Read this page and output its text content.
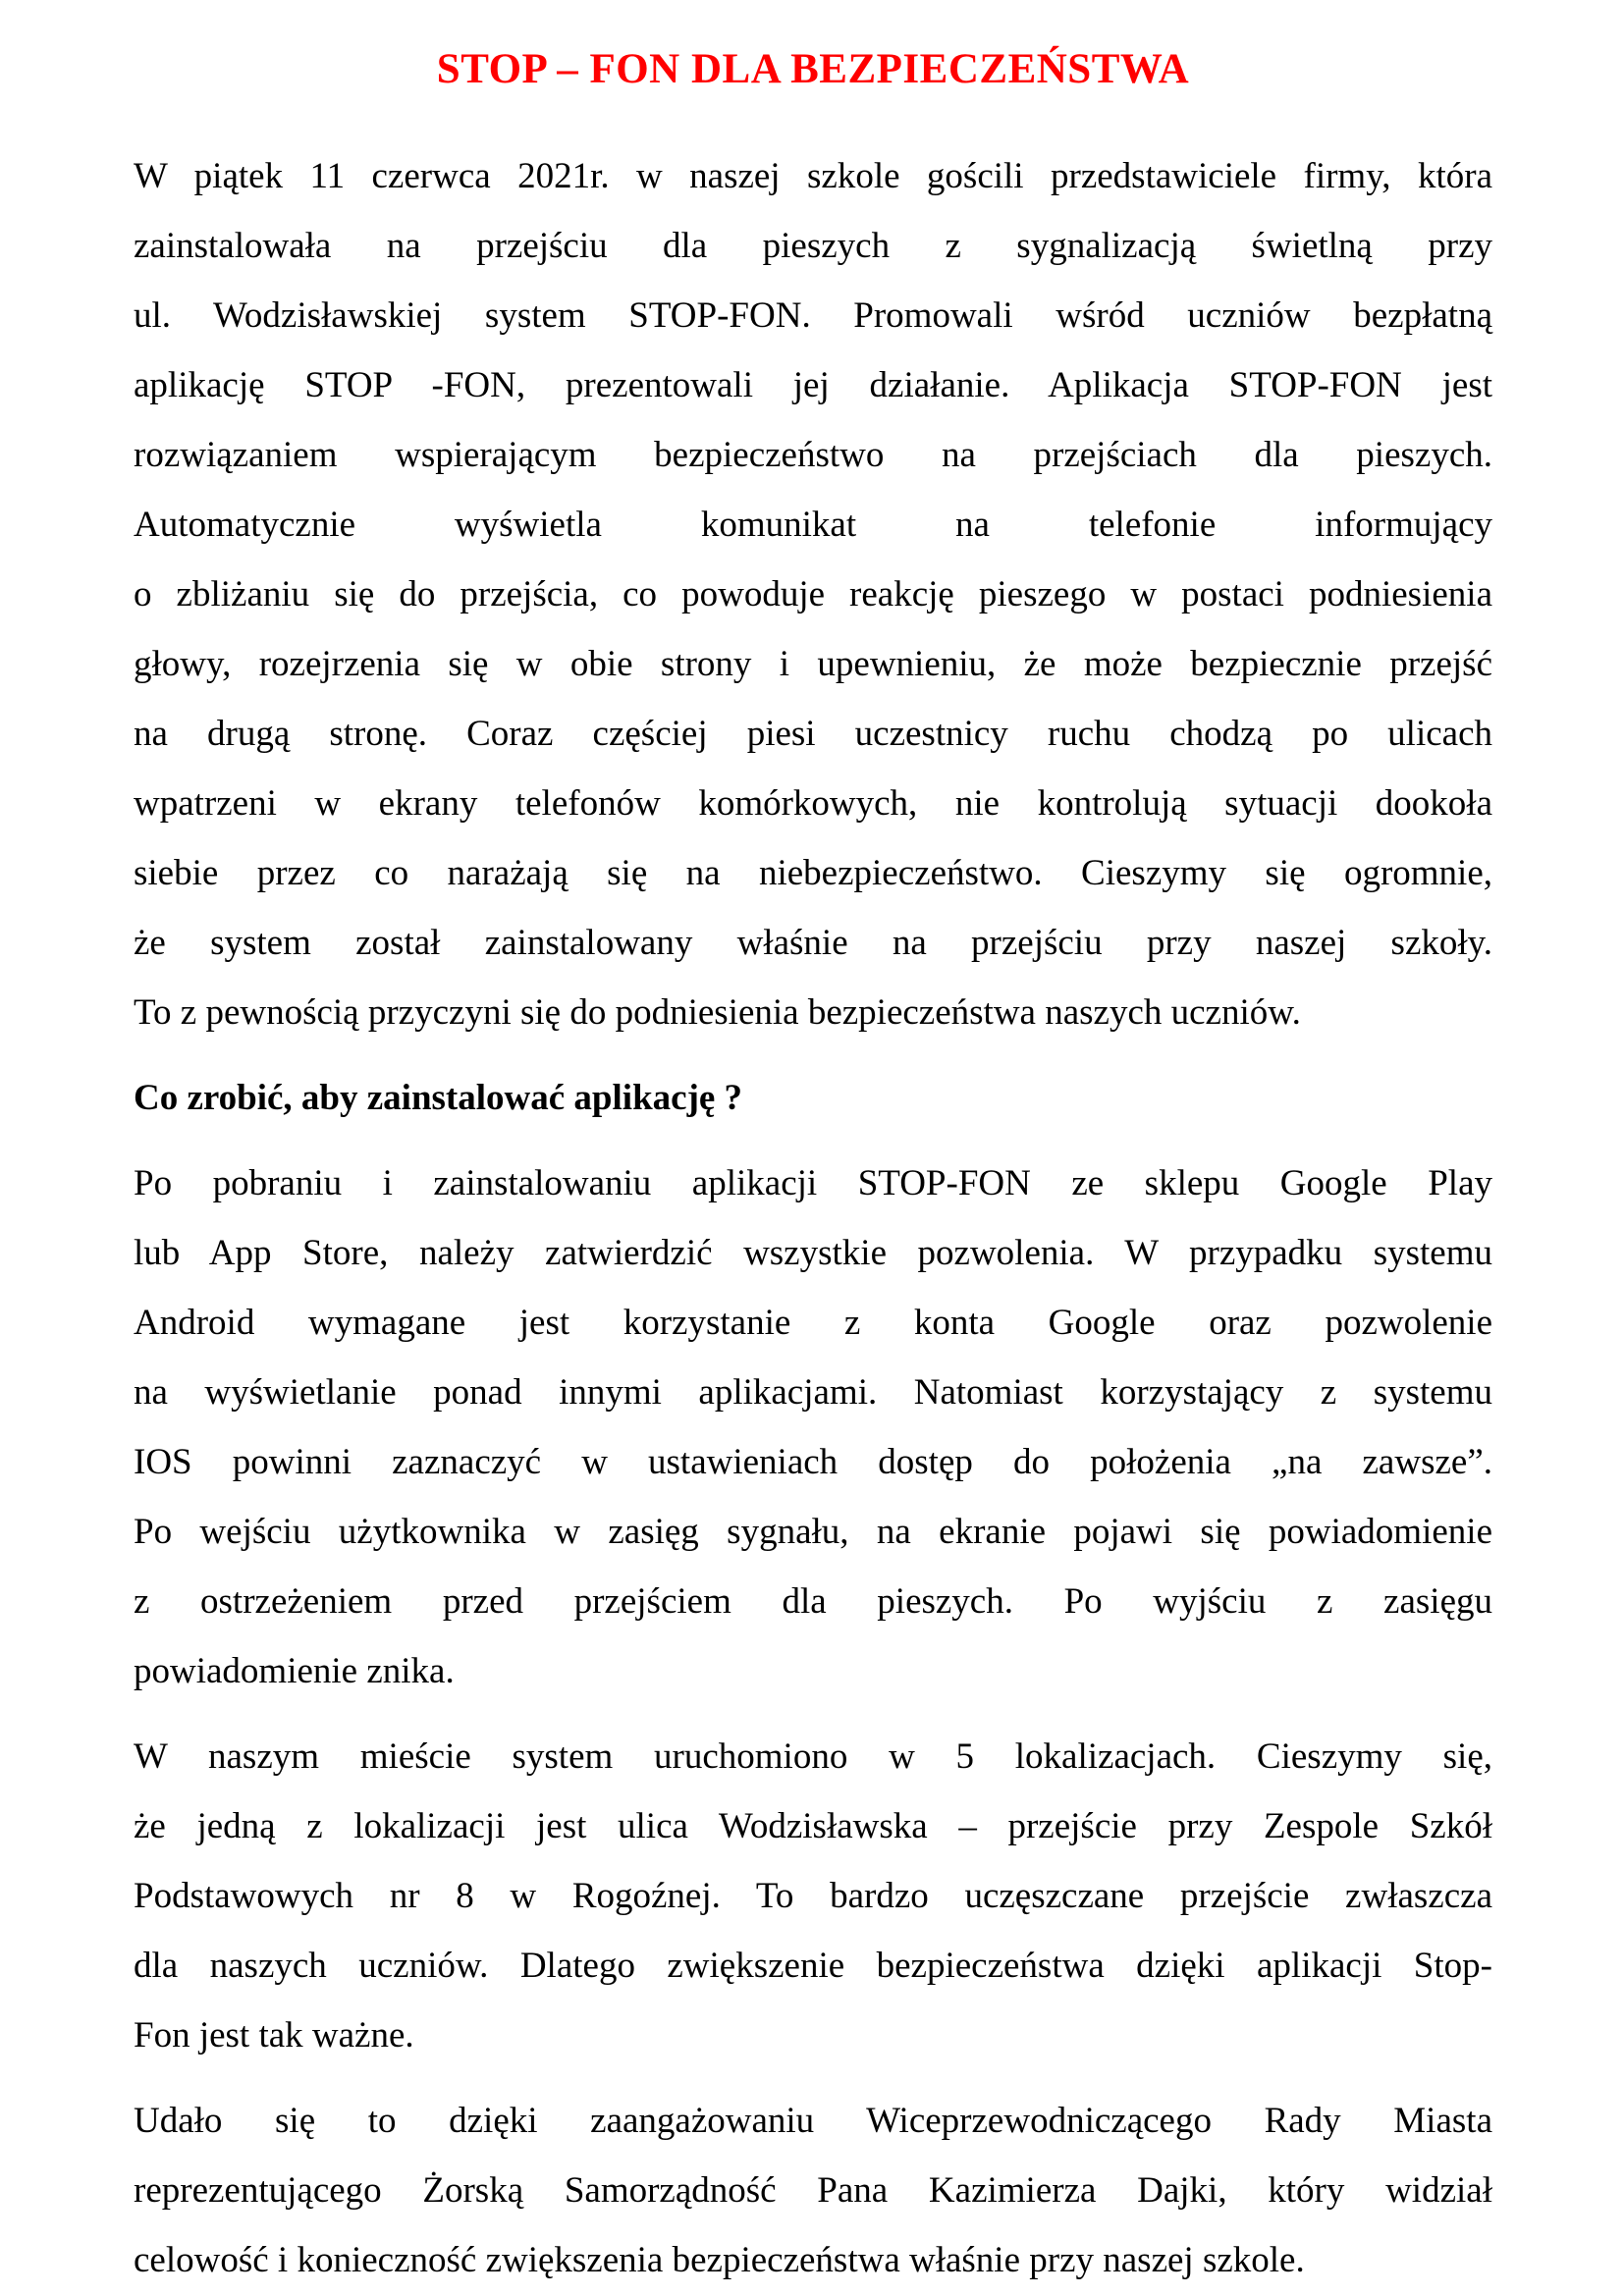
STOP – FON DLA BEZPIECZEŃSTWA
W piątek 11 czerwca 2021r. w naszej szkole gościli przedstawiciele firmy, która
zainstalowała na przejściu dla pieszych z sygnalizacją świetlną przy
ul. Wodzisławskiej system STOP-FON. Promowali wśród uczniów bezpłatną
aplikację STOP -FON, prezentowali jej działanie. Aplikacja STOP-FON jest
rozwiązaniem wspierającym bezpieczeństwo na przejściach dla pieszych.
Automatycznie wyświetla komunikat na telefonie informujący
o zbliżaniu się do przejścia, co powoduje reakcję pieszego w postaci podniesienia
głowy, rozejrzenia się w obie strony i upewnieniu, że może bezpiecznie przejść
na drugą stronę. Coraz częściej piesi uczestnicy ruchu chodzą po ulicach
wpatrzeni w ekrany telefonów komórkowych, nie kontrolują sytuacji dookoła
siebie przez co narażają się na niebezpieczeństwo. Cieszymy się ogromnie,
że system został zainstalowany właśnie na przejściu przy naszej szkoły.
To z pewnością przyczyni się do podniesienia bezpieczeństwa naszych uczniów.
Co zrobić, aby zainstalować aplikację ?
Po pobraniu i zainstalowaniu aplikacji STOP-FON ze sklepu Google Play
lub App Store, należy zatwierdzić wszystkie pozwolenia. W przypadku systemu
Android wymagane jest korzystanie z konta Google oraz pozwolenie
na wyświetlanie ponad innymi aplikacjami. Natomiast korzystający z systemu
IOS powinni zaznaczyć w ustawieniach dostęp do położenia „na zawsze”.
Po wejściu użytkownika w zasięg sygnału, na ekranie pojawi się powiadomienie
z ostrzeżeniem przed przejściem dla pieszych. Po wyjściu z zasięgu
powiadomienie znika.
W naszym mieście system uruchomiono w 5 lokalizacjach. Cieszymy się,
że jedną z lokalizacji jest ulica Wodzisławska – przejście przy Zespole Szkół
Podstawowych nr 8 w Rogoźnej. To bardzo uczęszczane przejście zwłaszcza
dla naszych uczniów. Dlatego zwiększenie bezpieczeństwa dzięki aplikacji Stop-
Fon jest tak ważne.
Udało się to dzięki zaangażowaniu Wiceprzewodniczącego Rady Miasta
reprezentującego Żorską Samorządność Pana Kazimierza Dajki, który widział
celowość i konieczność zwiększenia bezpieczeństwa właśnie przy naszej szkole.
